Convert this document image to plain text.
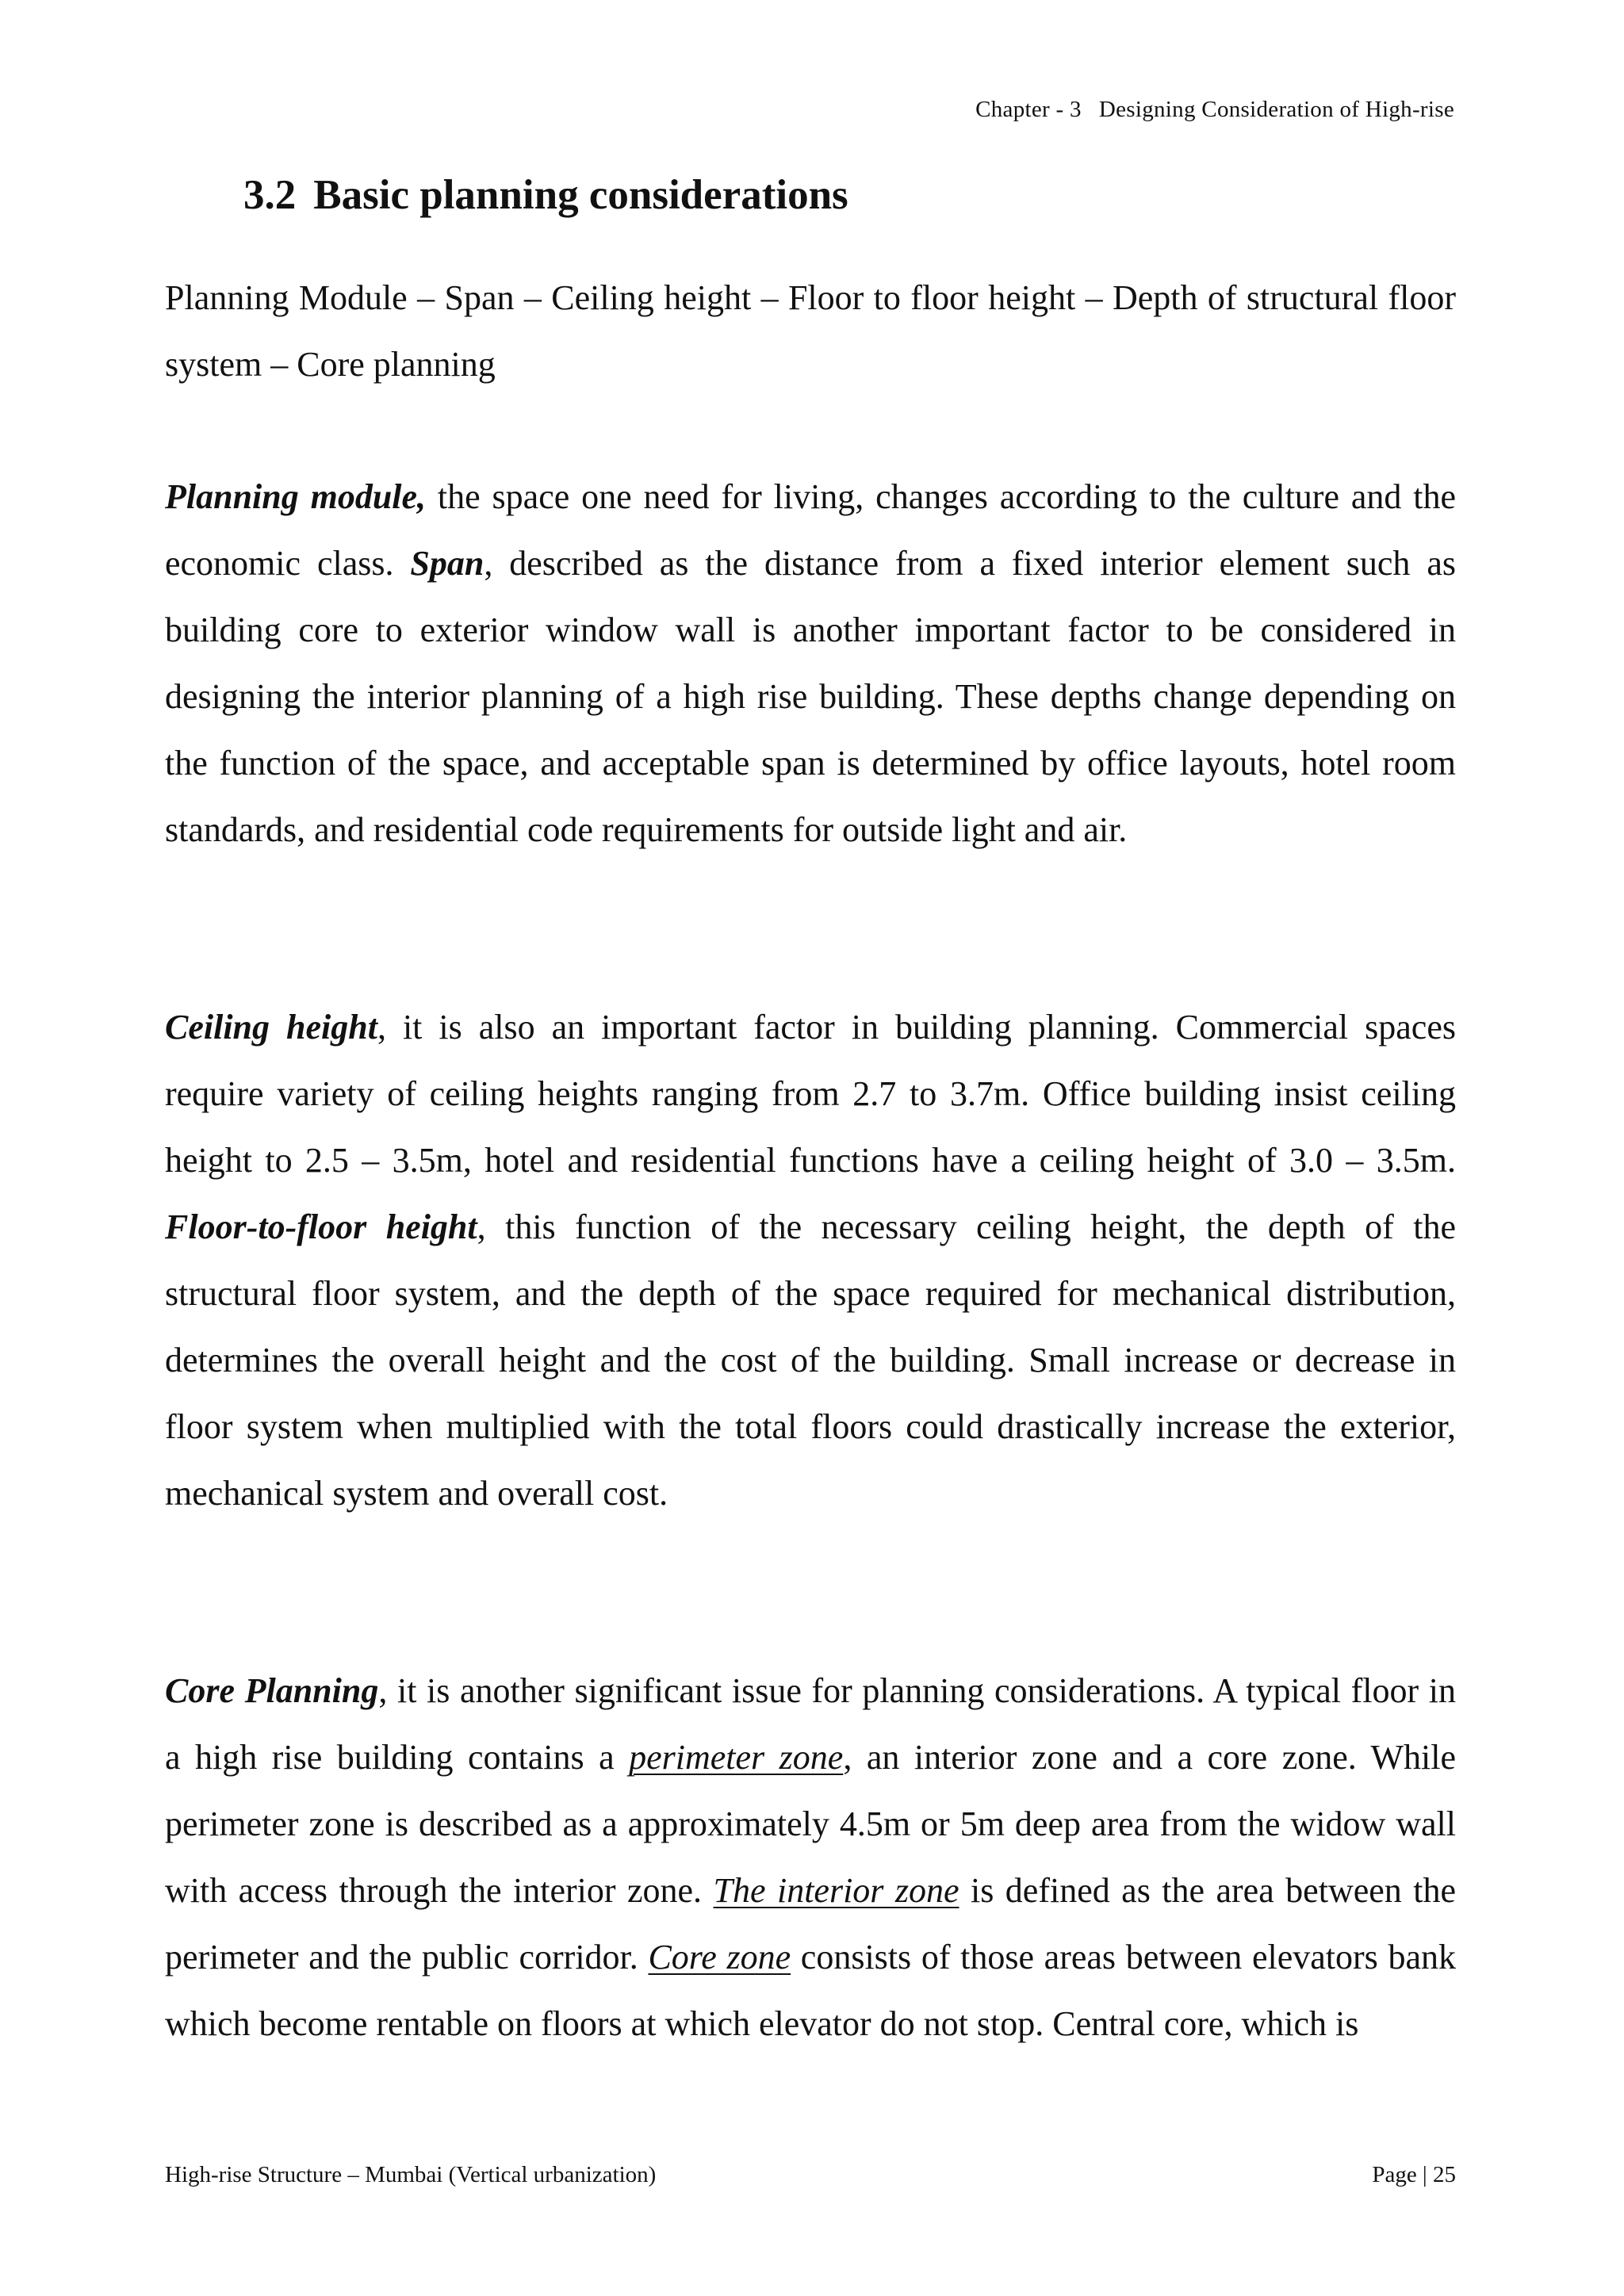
Chapter - 3 Designing Consideration of High-rise
3.2 Basic planning considerations

Planning Module – Span – Ceiling height – Floor to floor height – Depth of structural floor system – Core planning

Planning module, the space one need for living, changes according to the culture and the economic class. Span, described as the distance from a fixed interior element such as building core to exterior window wall is another important factor to be considered in designing the interior planning of a high rise building. These depths change depending on the function of the space, and acceptable span is determined by office layouts, hotel room standards, and residential code requirements for outside light and air.

Ceiling height, it is also an important factor in building planning. Commercial spaces require variety of ceiling heights ranging from 2.7 to 3.7m. Office building insist ceiling height to 2.5 – 3.5m, hotel and residential functions have a ceiling height of 3.0 – 3.5m. Floor-to-floor height, this function of the necessary ceiling height, the depth of the structural floor system, and the depth of the space required for mechanical distribution, determines the overall height and the cost of the building. Small increase or decrease in floor system when multiplied with the total floors could drastically increase the exterior, mechanical system and overall cost.

Core Planning, it is another significant issue for planning considerations. A typical floor in a high rise building contains a perimeter zone, an interior zone and a core zone. While perimeter zone is described as a approximately 4.5m or 5m deep area from the widow wall with access through the interior zone. The interior zone is defined as the area between the perimeter and the public corridor. Core zone consists of those areas between elevators bank which become rentable on floors at which elevator do not stop. Central core, which is

High-rise Structure – Mumbai (Vertical urbanization)	Page | 25
